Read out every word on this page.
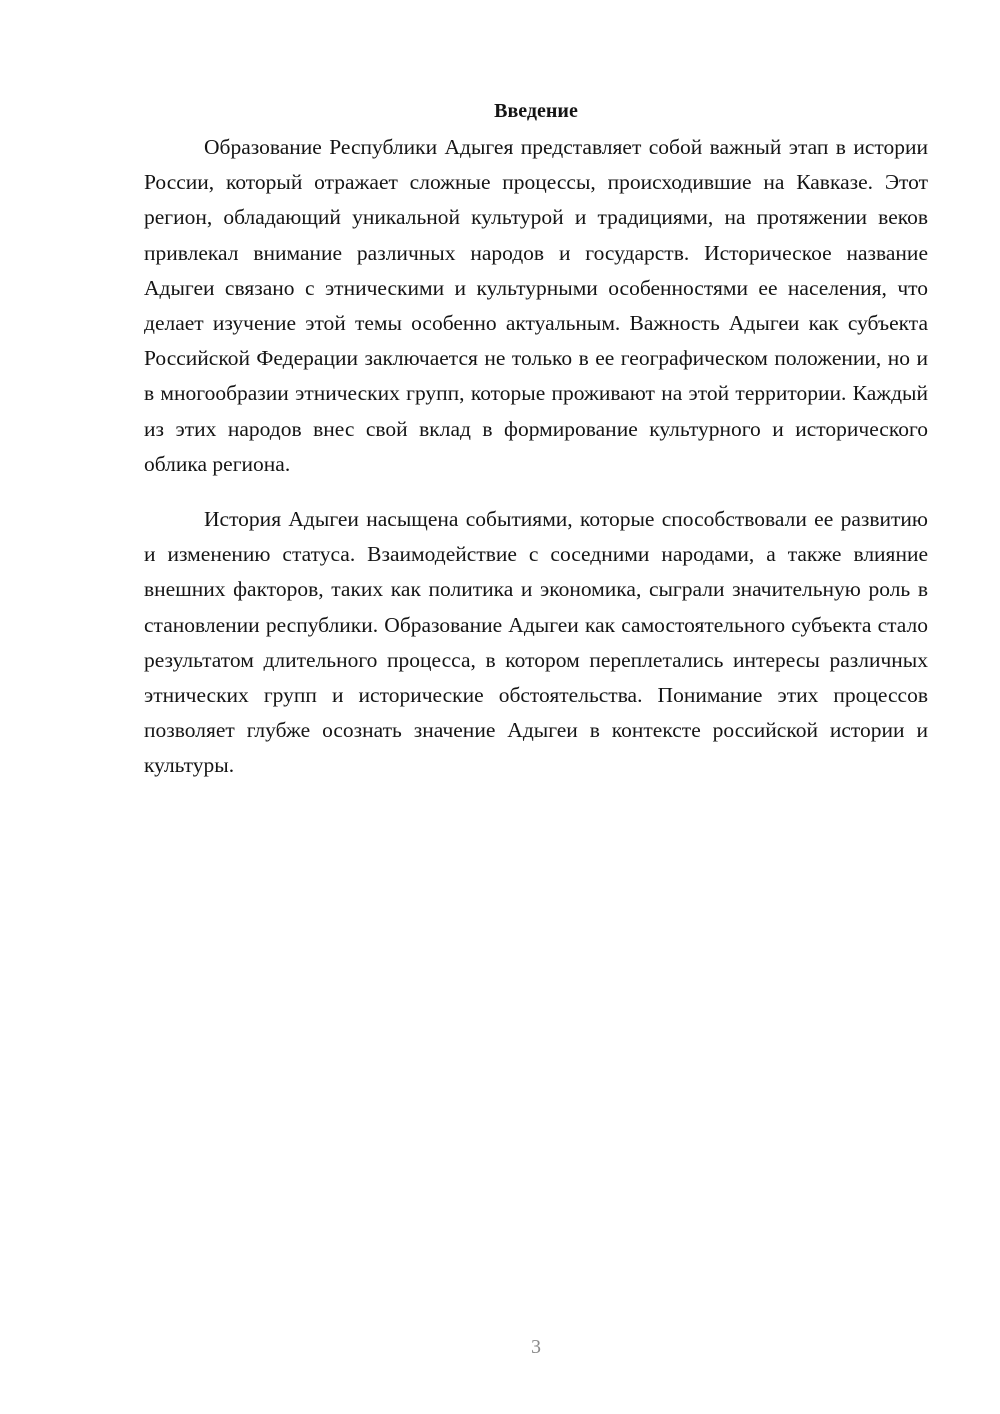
Введение

Образование Республики Адыгея представляет собой важный этап в истории России, который отражает сложные процессы, происходившие на Кавказе. Этот регион, обладающий уникальной культурой и традициями, на протяжении веков привлекал внимание различных народов и государств. Историческое название Адыгеи связано с этническими и культурными особенностями ее населения, что делает изучение этой темы особенно актуальным. Важность Адыгеи как субъекта Российской Федерации заключается не только в ее географическом положении, но и в многообразии этнических групп, которые проживают на этой территории. Каждый из этих народов внес свой вклад в формирование культурного и исторического облика региона.

История Адыгеи насыщена событиями, которые способствовали ее развитию и изменению статуса. Взаимодействие с соседними народами, а также влияние внешних факторов, таких как политика и экономика, сыграли значительную роль в становлении республики. Образование Адыгеи как самостоятельного субъекта стало результатом длительного процесса, в котором переплетались интересы различных этнических групп и исторические обстоятельства. Понимание этих процессов позволяет глубже осознать значение Адыгеи в контексте российской истории и культуры.

3
